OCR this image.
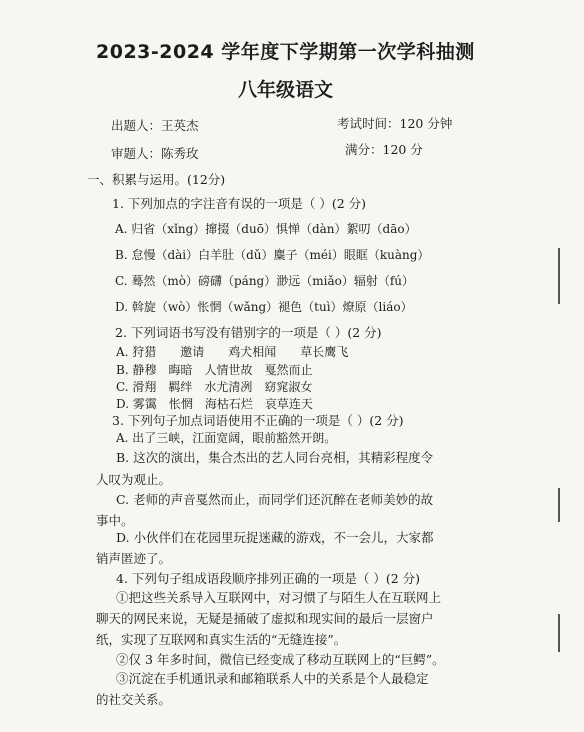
2023-2024 学年度下学期第一次学科抽测
八年级语文
出题人：王英杰	考试时间：120 分钟
审题人：陈秀玫	满分：120 分
一、积累与运用。(12分)
1. 下列加点的字注音有误的一项是（ ）(2 分)
A. 归省（xǐng）撺掇（duō）惧惮（dàn）絮叨（dāo）
B. 怠慢（dài）白羊肚（dǔ）麋子（méi）眼眶（kuàng）
C. 蓦然（mò）磅礴（páng）渺远（miǎo）辐射（fú）
D. 斡旋（wò）怅惘（wǎng）褪色（tuì）燎原（liáo）
2. 下列词语书写没有错别字的一项是（ ）(2 分)
A. 狩猎　　邀请　　鸡犬相闻　　草长鹰飞
B. 静穆　晦暗　人情世故　戛然而止
C. 滑翔　羁绊　水尤清冽　窈窕淑女
D. 雾霭　怅惘　海枯石烂　哀草连天
3. 下列句子加点词语使用不正确的一项是（ ）(2 分)
A. 出了三峡，江面宽阔，眼前豁然开朗。
B. 这次的演出，集合杰出的艺人同台亮相，其精彩程度令
人叹为观止。
C. 老师的声音戛然而止，而同学们还沉醉在老师美妙的故
事中。
D. 小伙伴们在花园里玩捉迷藏的游戏，不一会儿，大家都
销声匿迹了。
4. 下列句子组成语段顺序排列正确的一项是（ ）(2 分)
①把这些关系导入互联网中，对习惯了与陌生人在互联网上
聊天的网民来说，无疑是捅破了虚拟和现实间的最后一层窗户
纸，实现了互联网和真实生活的“无缝连接”。
②仅 3 年多时间，微信已经变成了移动互联网上的“巨鳄”。
③沉淀在手机通讯录和邮箱联系人中的关系是个人最稳定
的社交关系。
